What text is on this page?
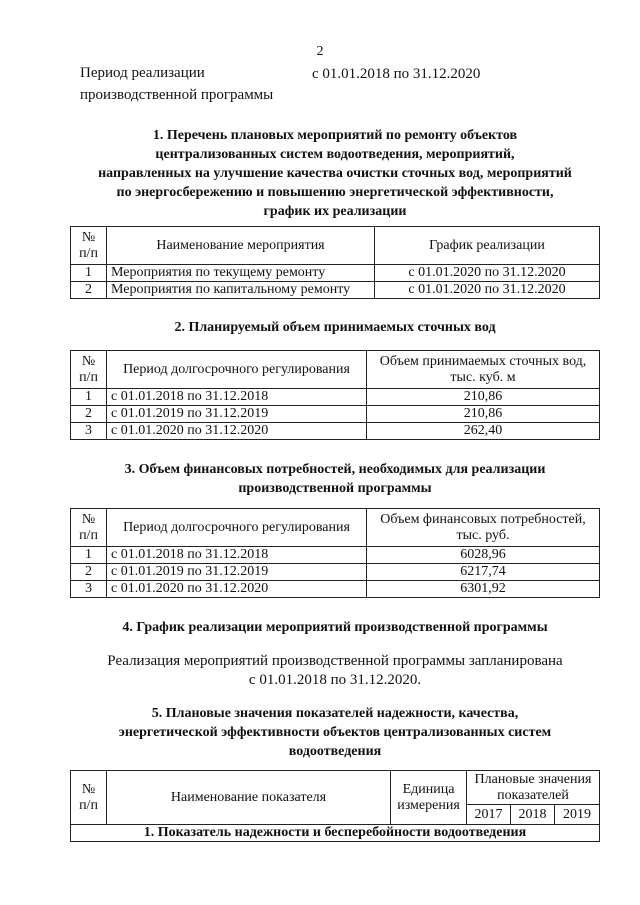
2
Период реализации
производственной программы
с 01.01.2018 по 31.12.2020
1. Перечень плановых мероприятий по ремонту объектов
централизованных систем водоотведения, мероприятий,
направленных на улучшение качества очистки сточных вод, мероприятий
по энергосбережению и повышению энергетической эффективности,
график их реализации
№ п/п	Наименование мероприятия	График реализации
1	Мероприятия по текущему ремонту	с 01.01.2020 по 31.12.2020
2	Мероприятия по капитальному ремонту	с 01.01.2020 по 31.12.2020
2. Планируемый объем принимаемых сточных вод
№ п/п	Период долгосрочного регулирования	Объем принимаемых сточных вод, тыс. куб. м
1	с 01.01.2018 по 31.12.2018	210,86
2	с 01.01.2019 по 31.12.2019	210,86
3	с 01.01.2020 по 31.12.2020	262,40
3. Объем финансовых потребностей, необходимых для реализации
производственной программы
№ п/п	Период долгосрочного регулирования	Объем финансовых потребностей, тыс. руб.
1	с 01.01.2018 по 31.12.2018	6028,96
2	с 01.01.2019 по 31.12.2019	6217,74
3	с 01.01.2020 по 31.12.2020	6301,92
4. График реализации мероприятий производственной программы
Реализация мероприятий производственной программы запланирована
с 01.01.2018 по 31.12.2020.
5. Плановые значения показателей надежности, качества,
энергетической эффективности объектов централизованных систем
водоотведения
№ п/п	Наименование показателя	Единица измерения	Плановые значения показателей		
			2017	2018	2019
1. Показатель надежности и бесперебойности водоотведения					
